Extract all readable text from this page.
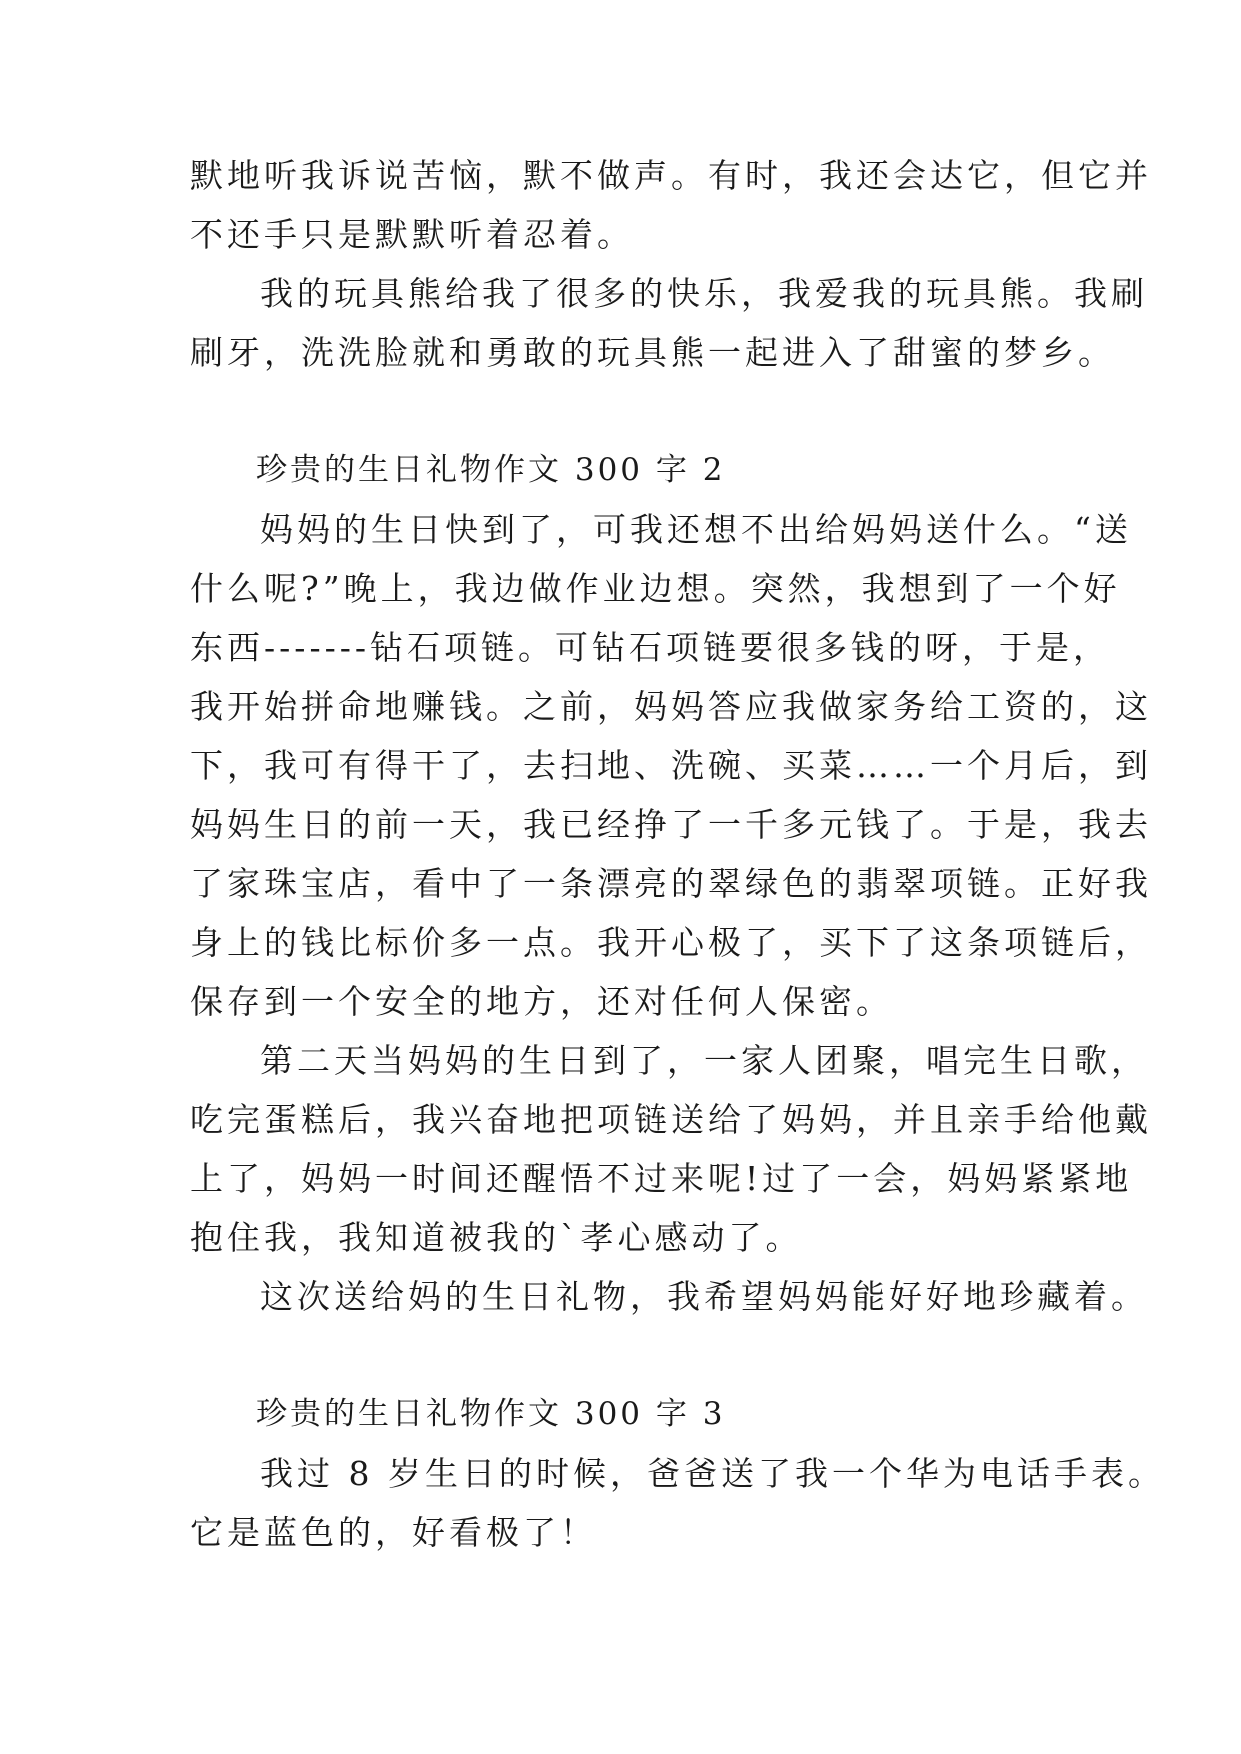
默地听我诉说苦恼，默不做声。有时，我还会达它，但它并
不还手只是默默听着忍着。
我的玩具熊给我了很多的快乐，我爱我的玩具熊。我刷
刷牙，洗洗脸就和勇敢的玩具熊一起进入了甜蜜的梦乡。
珍贵的生日礼物作文 300 字 2
妈妈的生日快到了，可我还想不出给妈妈送什么。“送
什么呢?”晚上，我边做作业边想。突然，我想到了一个好
东西-------钻石项链。可钻石项链要很多钱的呀，于是，
我开始拼命地赚钱。之前，妈妈答应我做家务给工资的，这
下，我可有得干了，去扫地、洗碗、买菜……一个月后，到
妈妈生日的前一天，我已经挣了一千多元钱了。于是，我去
了家珠宝店，看中了一条漂亮的翠绿色的翡翠项链。正好我
身上的钱比标价多一点。我开心极了，买下了这条项链后，
保存到一个安全的地方，还对任何人保密。
第二天当妈妈的生日到了，一家人团聚，唱完生日歌，
吃完蛋糕后，我兴奋地把项链送给了妈妈，并且亲手给他戴
上了，妈妈一时间还醒悟不过来呢!过了一会，妈妈紧紧地
抱住我，我知道被我的`孝心感动了。
这次送给妈的生日礼物，我希望妈妈能好好地珍藏着。
珍贵的生日礼物作文 300 字 3
我过 8 岁生日的时候，爸爸送了我一个华为电话手表。
它是蓝色的，好看极了！
